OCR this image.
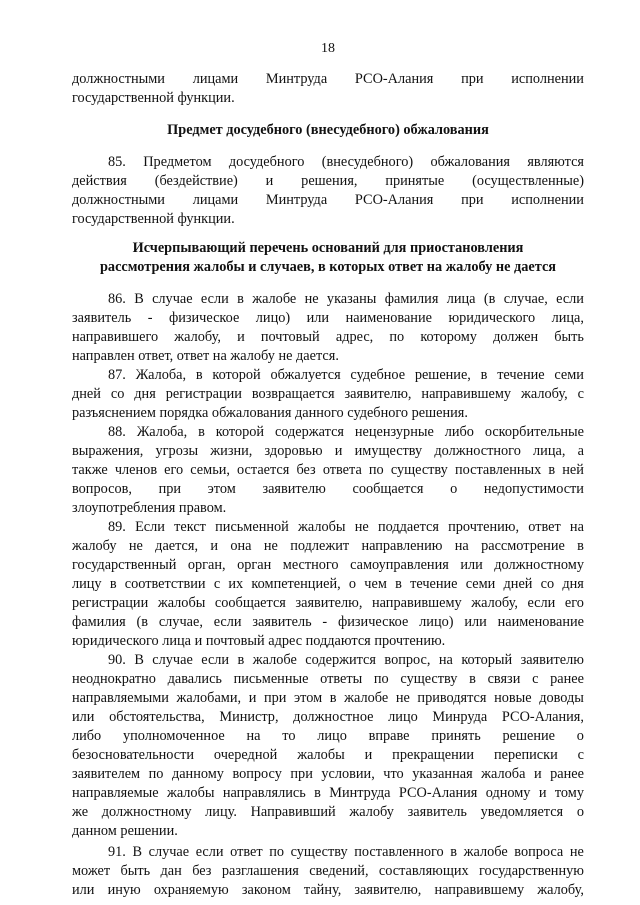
18
должностными лицами Минтруда РСО-Алания при исполнении
государственной функции.
Предмет досудебного (внесудебного) обжалования
85. Предметом досудебного (внесудебного) обжалования являются
действия (бездействие) и решения, принятые (осуществленные)
должностными лицами Минтруда РСО-Алания при исполнении
государственной функции.
Исчерпывающий перечень оснований для приостановления
рассмотрения жалобы и случаев, в которых ответ на жалобу не дается
86. В случае если в жалобе не указаны фамилия лица (в случае, если
заявитель - физическое лицо) или наименование юридического лица,
направившего жалобу, и почтовый адрес, по которому должен быть
направлен ответ, ответ на жалобу не дается.
87. Жалоба, в которой обжалуется судебное решение, в течение семи
дней со дня регистрации возвращается заявителю, направившему жалобу, с
разъяснением порядка обжалования данного судебного решения.
88. Жалоба, в которой содержатся нецензурные либо оскорбительные
выражения, угрозы жизни, здоровью и имуществу должностного лица, а
также членов его семьи, остается без ответа по существу поставленных в ней
вопросов, при этом заявителю сообщается о недопустимости
злоупотребления правом.
89. Если текст письменной жалобы не поддается прочтению, ответ на
жалобу не дается, и она не подлежит направлению на рассмотрение в
государственный орган, орган местного самоуправления или должностному
лицу в соответствии с их компетенцией, о чем в течение семи дней со дня
регистрации жалобы сообщается заявителю, направившему жалобу, если его
фамилия (в случае, если заявитель - физическое лицо) или наименование
юридического лица и почтовый адрес поддаются прочтению.
90. В случае если в жалобе содержится вопрос, на который заявителю
неоднократно давались письменные ответы по существу в связи с ранее
направляемыми жалобами, и при этом в жалобе не приводятся новые доводы
или обстоятельства, Министр, должностное лицо Минруда РСО-Алания,
либо уполномоченное на то лицо вправе принять решение о
безосновательности очередной жалобы и прекращении переписки с
заявителем по данному вопросу при условии, что указанная жалоба и ранее
направляемые жалобы направлялись в Минтруда РСО-Алания одному и тому
же должностному лицу. Направивший жалобу заявитель уведомляется о
данном решении.
91. В случае если ответ по существу поставленного в жалобе вопроса не
может быть дан без разглашения сведений, составляющих государственную
или иную охраняемую законом тайну, заявителю, направившему жалобу,
